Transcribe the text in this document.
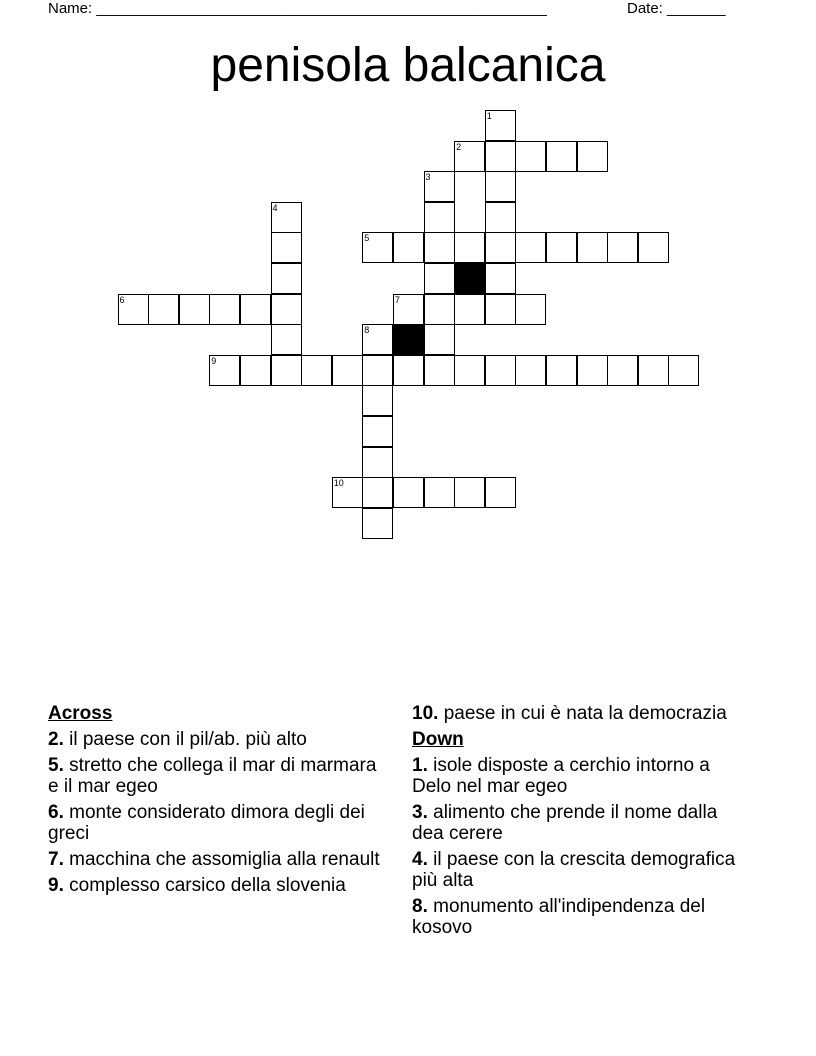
Name: ______________________________________________________	Date: _______
penisola balcanica
1
2
3
4
5
6	7
8
9
10
Across
2. il paese con il pil/ab. più alto
5. stretto che collega il mar di marmara e il mar egeo
6. monte considerato dimora degli dei greci
7. macchina che assomiglia alla renault
9. complesso carsico della slovenia
10. paese in cui è nata la democrazia
Down
1. isole disposte a cerchio intorno a Delo nel mar egeo
3. alimento che prende il nome dalla dea cerere
4. il paese con la crescita demografica più alta
8. monumento all'indipendenza del kosovo
